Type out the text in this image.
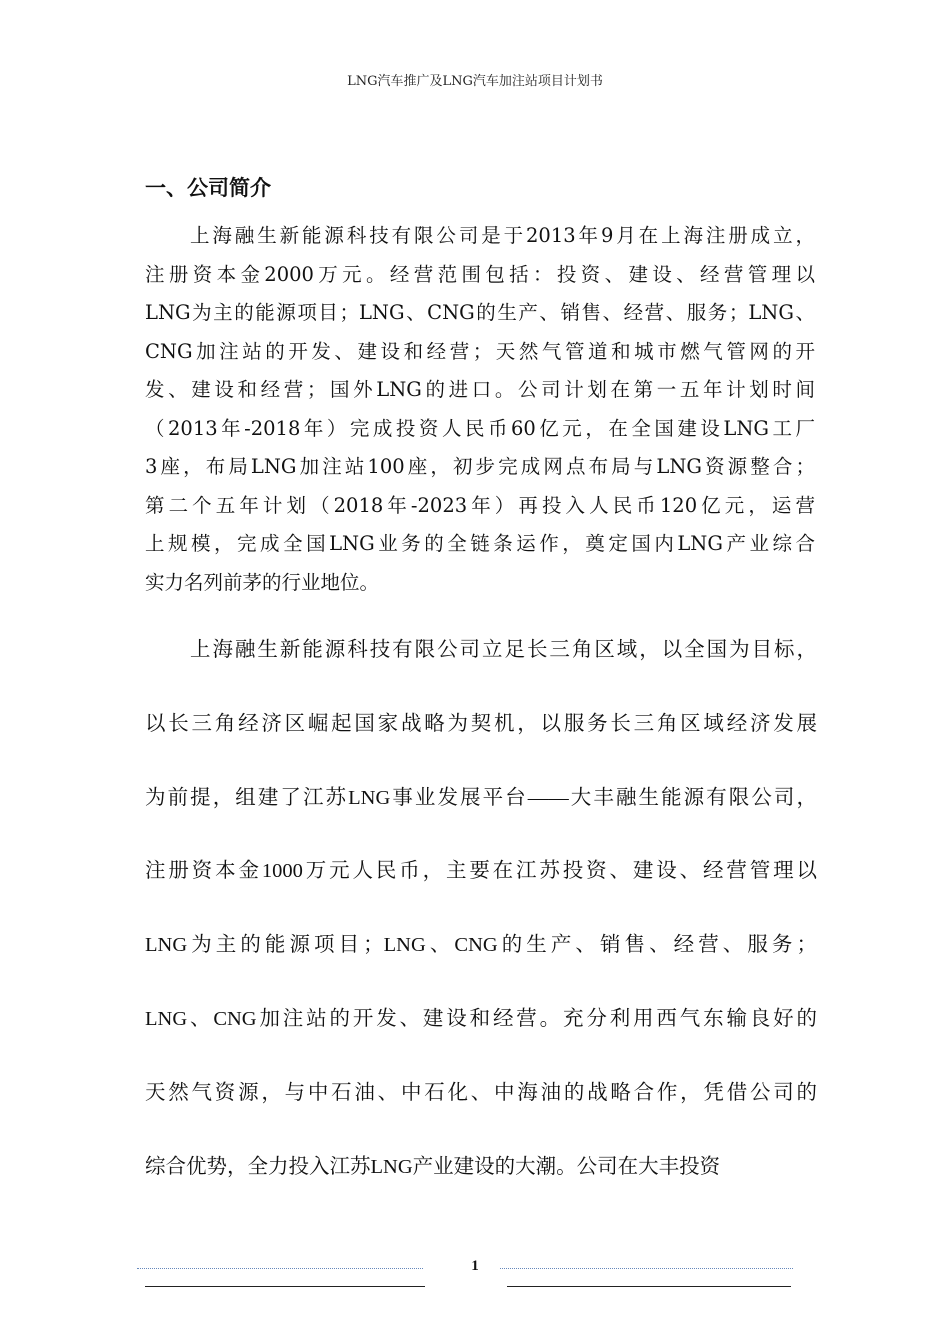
LNG汽车推广及LNG汽车加注站项目计划书
一、公司简介
上海融生新能源科技有限公司是于2013年9月在上海注册成立，
注册资本金2000万元。经营范围包括：投资、建设、经营管理以
LNG为主的能源项目；LNG、CNG的生产、销售、经营、服务；LNG、
CNG加注站的开发、建设和经营；天然气管道和城市燃气管网的开
发、建设和经营；国外LNG的进口。公司计划在第一五年计划时间
（2013年-2018年）完成投资人民币60亿元，在全国建设LNG工厂
3座，布局LNG加注站100座，初步完成网点布局与LNG资源整合；
第二个五年计划（2018年-2023年）再投入人民币120亿元，运营
上规模，完成全国LNG业务的全链条运作，奠定国内LNG产业综合
实力名列前茅的行业地位。
上海融生新能源科技有限公司立足长三角区域，以全国为目标，
以长三角经济区崛起国家战略为契机，以服务长三角区域经济发展
为前提，组建了江苏LNG事业发展平台——大丰融生能源有限公司，
注册资本金1000万元人民币，主要在江苏投资、建设、经营管理以
LNG为主的能源项目；LNG、CNG的生产、销售、经营、服务；
LNG、CNG加注站的开发、建设和经营。充分利用西气东输良好的
天然气资源，与中石油、中石化、中海油的战略合作，凭借公司的
综合优势，全力投入江苏LNG产业建设的大潮。公司在大丰投资
1
